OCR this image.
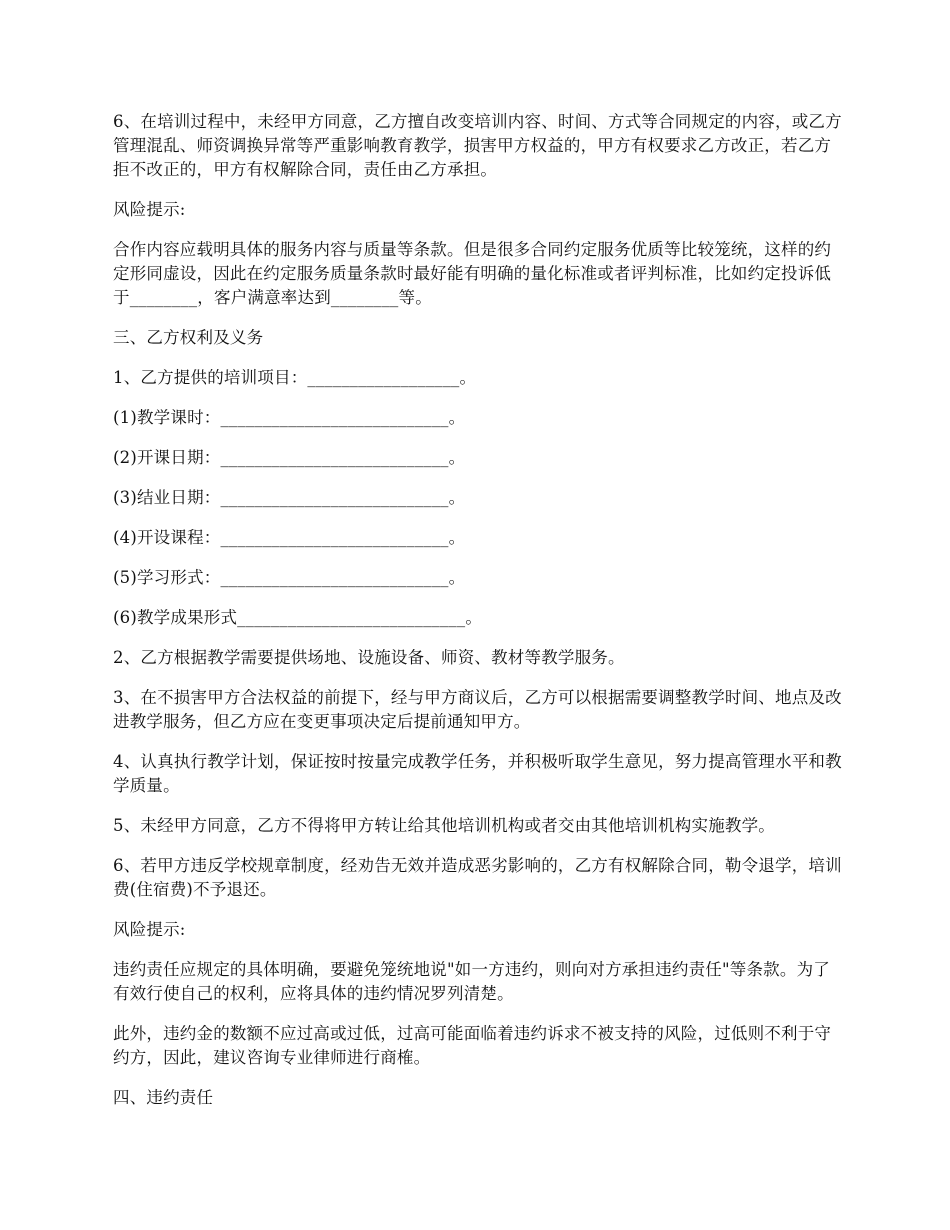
6、在培训过程中，未经甲方同意，乙方擅自改变培训内容、时间、方式等合同规定的内容，或乙方管理混乱、师资调换异常等严重影响教育教学，损害甲方权益的，甲方有权要求乙方改正，若乙方拒不改正的，甲方有权解除合同，责任由乙方承担。

风险提示:

合作内容应载明具体的服务内容与质量等条款。但是很多合同约定服务优质等比较笼统，这样的约定形同虚设，因此在约定服务质量条款时最好能有明确的量化标准或者评判标准，比如约定投诉低于________，客户满意率达到________等。

三、乙方权利及义务

1、乙方提供的培训项目：__________________。

(1)教学课时：___________________________。

(2)开课日期：___________________________。

(3)结业日期：___________________________。

(4)开设课程：___________________________。

(5)学习形式：___________________________。

(6)教学成果形式___________________________。

2、乙方根据教学需要提供场地、设施设备、师资、教材等教学服务。

3、在不损害甲方合法权益的前提下，经与甲方商议后，乙方可以根据需要调整教学时间、地点及改进教学服务，但乙方应在变更事项决定后提前通知甲方。

4、认真执行教学计划，保证按时按量完成教学任务，并积极听取学生意见，努力提高管理水平和教学质量。

5、未经甲方同意，乙方不得将甲方转让给其他培训机构或者交由其他培训机构实施教学。

6、若甲方违反学校规章制度，经劝告无效并造成恶劣影响的，乙方有权解除合同，勒令退学，培训费(住宿费)不予退还。

风险提示:

违约责任应规定的具体明确，要避免笼统地说"如一方违约，则向对方承担违约责任"等条款。为了有效行使自己的权利，应将具体的违约情况罗列清楚。

此外，违约金的数额不应过高或过低，过高可能面临着违约诉求不被支持的风险，过低则不利于守约方，因此，建议咨询专业律师进行商榷。

四、违约责任
